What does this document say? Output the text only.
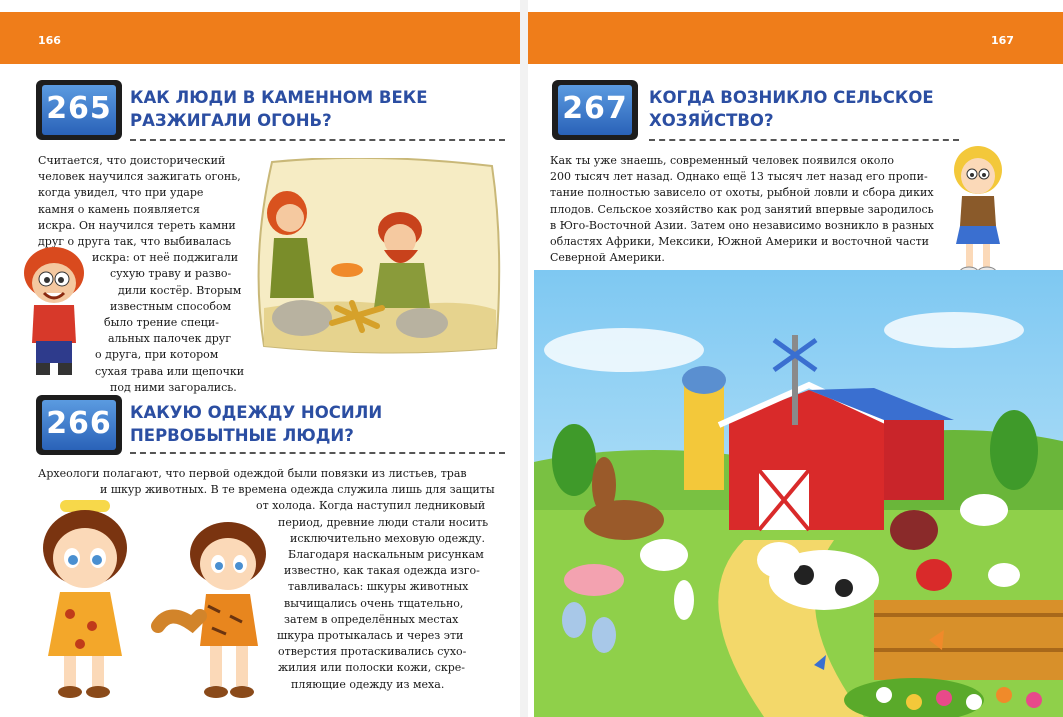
166
265	КАК ЛЮДИ В КАМЕННОМ ВЕКЕ
РАЗЖИГАЛИ ОГОНЬ?
Считается, что доисторический
человек научился зажигать огонь,
когда увидел, что при ударе
камня о камень появляется
искра. Он научился тереть камни
друг о друга так, что выбивалась
искра: от неё поджигали
сухую траву и разво-
дили костёр. Вторым
известным способом
было трение специ-
альных палочек друг
о друга, при котором
сухая трава или щепочки
под ними загорались.
266	КАКУЮ ОДЕЖДУ НОСИЛИ
ПЕРВОБЫТНЫЕ ЛЮДИ?
Археологи полагают, что первой одеждой были повязки из листьев, трав
и шкур животных. В те времена одежда служила лишь для защиты
от холода. Когда наступил ледниковый
период, древние люди стали носить
исключительно меховую одежду.
Благодаря наскальным рисункам
известно, как такая одежда изго-
тавливалась: шкуры животных
вычищались очень тщательно,
затем в определённых местах
шкура протыкалась и через эти
отверстия протаскивались сухо-
жилия или полоски кожи, скре-
пляющие одежду из меха.
167
267	КОГДА ВОЗНИКЛО СЕЛЬСКОЕ
ХОЗЯЙСТВО?
Как ты уже знаешь, современный человек появился около
200 тысяч лет назад. Однако ещё 13 тысяч лет назад его пропи-
тание полностью зависело от охоты, рыбной ловли и сбора диких
плодов. Сельское хозяйство как род занятий впервые зародилось
в Юго-Восточной Азии. Затем оно независимо возникло в разных
областях Африки, Мексики, Южной Америки и восточной части
Северной Америки.
